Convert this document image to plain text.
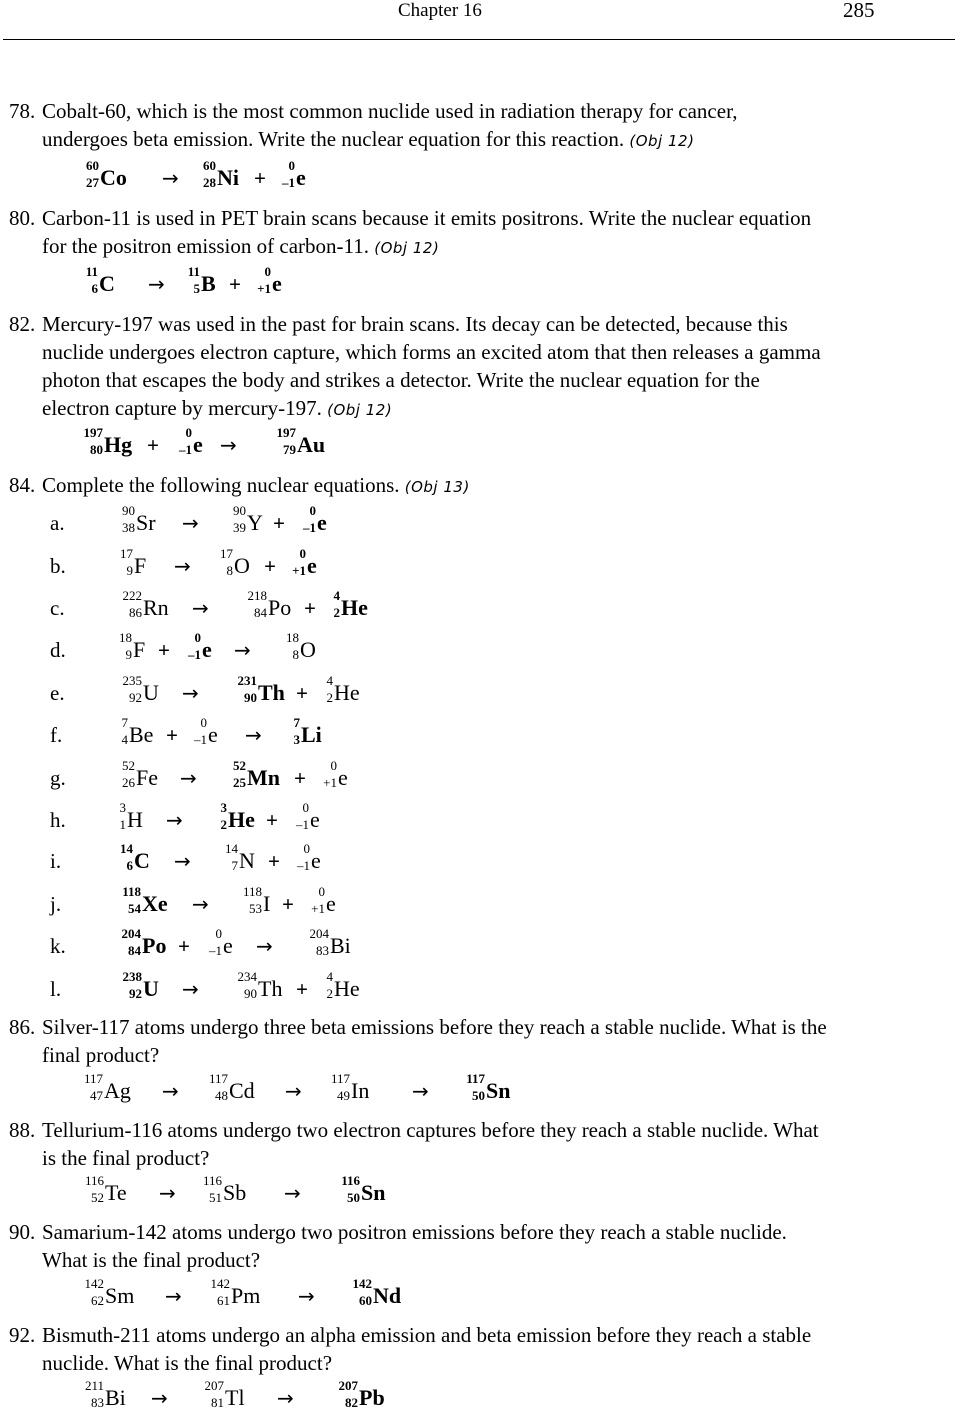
Chapter 16	285
78. Cobalt-60, which is the most common nuclide used in radiation therapy for cancer,
undergoes beta emission. Write the nuclear equation for this reaction. (Obj 12)
60
27 Co →
60
28 Ni +
0
–1 e
80. Carbon-11 is used in PET brain scans because it emits positrons. Write the nuclear equation
for the positron emission of carbon-11. (Obj 12)
11
6 C →
11
5 B +
0
+1 e
82. Mercury-197 was used in the past for brain scans. Its decay can be detected, because this
nuclide undergoes electron capture, which forms an excited atom that then releases a gamma
photon that escapes the body and strikes a detector. Write the nuclear equation for the
electron capture by mercury-197. (Obj 12)
197
80 Hg +
0
–1 e →
197
79 Au
84. Complete the following nuclear equations. (Obj 13)
a.
90
38 Sr →
90
39 Y +
0
–1 e
b.
17
9 F →
17
8 O +
0
+1 e
c.
222
86 Rn →
218
84 Po +
4
2 He
d.
18
9 F +
0
–1 e →
18
8 O
e.
235
92 U →
231
90 Th +
4
2 He
f.
7
4 Be +
0
–1 e →
7
3 Li
g.
52
26 Fe →
52
25 Mn +
0
+1 e
h.
3
1 H →
3
2 He +
0
–1 e
i.
14
6 C →
14
7 N +
0
–1 e
j.
118
54 Xe →
118
53 I +
0
+1 e
k.
204
84 Po +
0
–1 e →
204
83 Bi
l.
238
92 U →
234
90 Th +
4
2 He
86. Silver-117 atoms undergo three beta emissions before they reach a stable nuclide. What is the
final product?
117
47 Ag →
117
48 Cd →
117
49 In →
117
50 Sn
88. Tellurium-116 atoms undergo two electron captures before they reach a stable nuclide. What
is the final product?
116
52 Te →
116
51 Sb →
116
50 Sn
90. Samarium-142 atoms undergo two positron emissions before they reach a stable nuclide.
What is the final product?
142
62 Sm →
142
61 Pm →
142
60 Nd
92. Bismuth-211 atoms undergo an alpha emission and beta emission before they reach a stable
nuclide. What is the final product?
211
83 Bi →
207
81 Tl →
207
82 Pb
